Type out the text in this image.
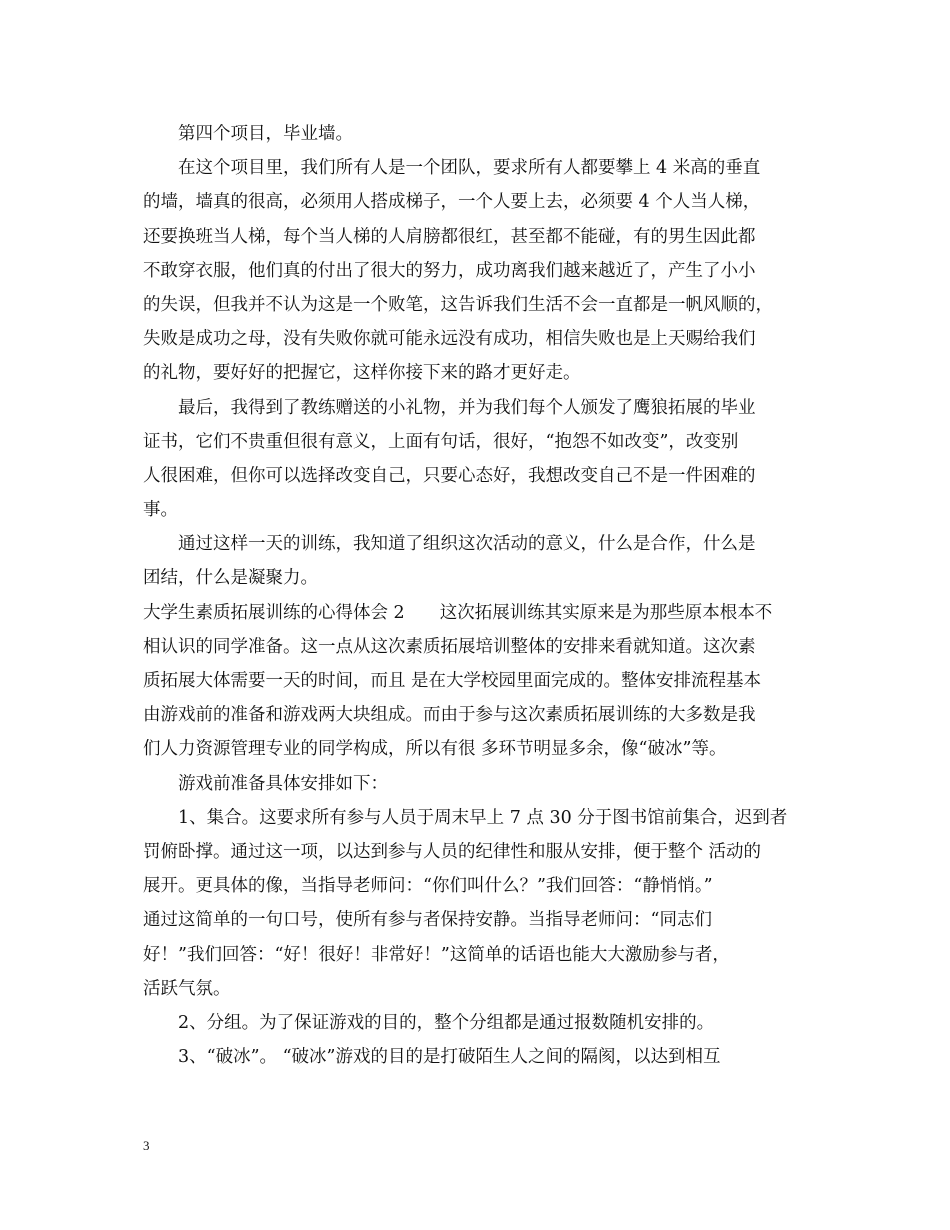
第四个项目，毕业墙。
在这个项目里，我们所有人是一个团队，要求所有人都要攀上 4 米高的垂直
的墙，墙真的很高，必须用人搭成梯子，一个人要上去，必须要 4 个人当人梯，
还要换班当人梯，每个当人梯的人肩膀都很红，甚至都不能碰，有的男生因此都
不敢穿衣服，他们真的付出了很大的努力，成功离我们越来越近了，产生了小小
的失误，但我并不认为这是一个败笔，这告诉我们生活不会一直都是一帆风顺的，
失败是成功之母，没有失败你就可能永远没有成功，相信失败也是上天赐给我们
的礼物，要好好的把握它，这样你接下来的路才更好走。
最后，我得到了教练赠送的小礼物，并为我们每个人颁发了鹰狼拓展的毕业
证书，它们不贵重但很有意义，上面有句话，很好，“抱怨不如改变”，改变别
人很困难，但你可以选择改变自己，只要心态好，我想改变自己不是一件困难的
事。
通过这样一天的训练，我知道了组织这次活动的意义，什么是合作，什么是
团结，什么是凝聚力。
大学生素质拓展训练的心得体会 2　　这次拓展训练其实原来是为那些原本根本不
相认识的同学准备。这一点从这次素质拓展培训整体的安排来看就知道。这次素
质拓展大体需要一天的时间，而且 是在大学校园里面完成的。整体安排流程基本
由游戏前的准备和游戏两大块组成。而由于参与这次素质拓展训练的大多数是我
们人力资源管理专业的同学构成，所以有很 多环节明显多余，像“破冰”等。
游戏前准备具体安排如下：
1、集合。这要求所有参与人员于周末早上 7 点 30 分于图书馆前集合，迟到者
罚俯卧撑。通过这一项，以达到参与人员的纪律性和服从安排，便于整个 活动的
展开。更具体的像，当指导老师问：“你们叫什么？”我们回答：“静悄悄。”
通过这简单的一句口号，使所有参与者保持安静。当指导老师问：“同志们
好！”我们回答：“好！很好！非常好！”这简单的话语也能大大激励参与者，
活跃气氛。
2、分组。为了保证游戏的目的，整个分组都是通过报数随机安排的。
3、“破冰”。 “破冰”游戏的目的是打破陌生人之间的隔阂，以达到相互
3
